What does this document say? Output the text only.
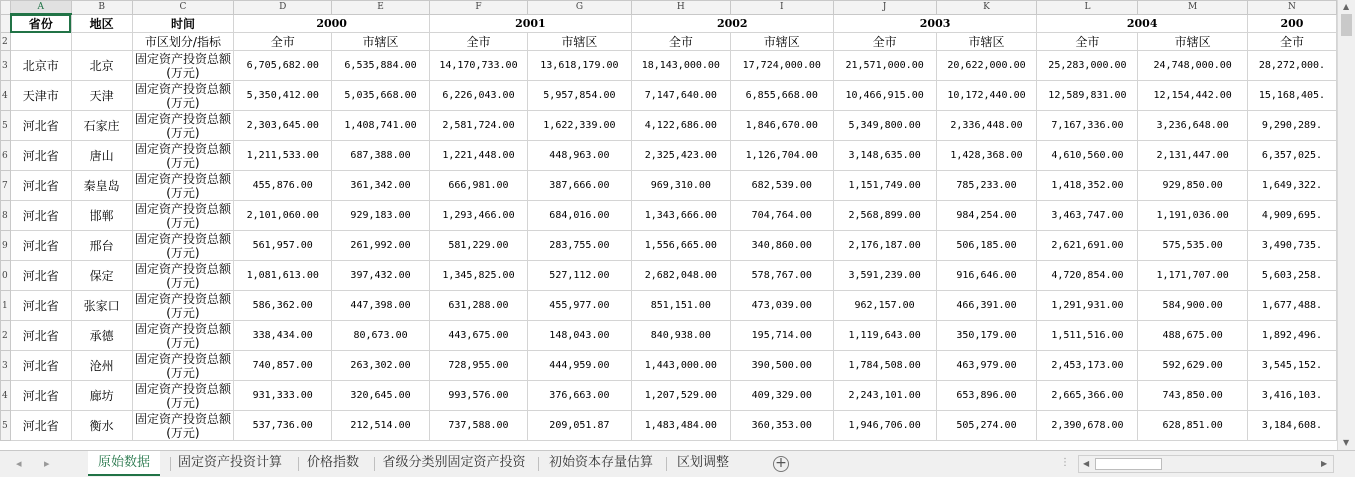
	A	B	C	D	E	F	G	H	I	J	K	L	M	N
	省份	地区	时间	2000		2001		2002		2003		2004		200
2			市区划分/指标	全市	市辖区	全市	市辖区	全市	市辖区	全市	市辖区	全市	市辖区	全市
3	北京市	北京	固定资产投资总额(万元)	6,705,682.00	6,535,884.00	14,170,733.00	13,618,179.00	18,143,000.00	17,724,000.00	21,571,000.00	20,622,000.00	25,283,000.00	24,748,000.00	28,272,000.
4	天津市	天津	固定资产投资总额(万元)	5,350,412.00	5,035,668.00	6,226,043.00	5,957,854.00	7,147,640.00	6,855,668.00	10,466,915.00	10,172,440.00	12,589,831.00	12,154,442.00	15,168,405.
5	河北省	石家庄	固定资产投资总额(万元)	2,303,645.00	1,408,741.00	2,581,724.00	1,622,339.00	4,122,686.00	1,846,670.00	5,349,800.00	2,336,448.00	7,167,336.00	3,236,648.00	9,290,289.
6	河北省	唐山	固定资产投资总额(万元)	1,211,533.00	687,388.00	1,221,448.00	448,963.00	2,325,423.00	1,126,704.00	3,148,635.00	1,428,368.00	4,610,560.00	2,131,447.00	6,357,025.
7	河北省	秦皇岛	固定资产投资总额(万元)	455,876.00	361,342.00	666,981.00	387,666.00	969,310.00	682,539.00	1,151,749.00	785,233.00	1,418,352.00	929,850.00	1,649,322.
8	河北省	邯郸	固定资产投资总额(万元)	2,101,060.00	929,183.00	1,293,466.00	684,016.00	1,343,666.00	704,764.00	2,568,899.00	984,254.00	3,463,747.00	1,191,036.00	4,909,695.
9	河北省	邢台	固定资产投资总额(万元)	561,957.00	261,992.00	581,229.00	283,755.00	1,556,665.00	340,860.00	2,176,187.00	506,185.00	2,621,691.00	575,535.00	3,490,735.
0	河北省	保定	固定资产投资总额(万元)	1,081,613.00	397,432.00	1,345,825.00	527,112.00	2,682,048.00	578,767.00	3,591,239.00	916,646.00	4,720,854.00	1,171,707.00	5,603,258.
1	河北省	张家口	固定资产投资总额(万元)	586,362.00	447,398.00	631,288.00	455,977.00	851,151.00	473,039.00	962,157.00	466,391.00	1,291,931.00	584,900.00	1,677,488.
2	河北省	承德	固定资产投资总额(万元)	338,434.00	80,673.00	443,675.00	148,043.00	840,938.00	195,714.00	1,119,643.00	350,179.00	1,511,516.00	488,675.00	1,892,496.
3	河北省	沧州	固定资产投资总额(万元)	740,857.00	263,302.00	728,955.00	444,959.00	1,443,000.00	390,500.00	1,784,508.00	463,979.00	2,453,173.00	592,629.00	3,545,152.
4	河北省	廊坊	固定资产投资总额(万元)	931,333.00	320,645.00	993,576.00	376,663.00	1,207,529.00	409,329.00	2,243,101.00	653,896.00	2,665,366.00	743,850.00	3,416,103.
5	河北省	衡水	固定资产投资总额(万元)	537,736.00	212,514.00	737,588.00	209,051.87	1,483,484.00	360,353.00	1,946,706.00	505,274.00	2,390,678.00	628,851.00	3,184,608.
▲
▼
◂ ▸	原始数据	固定资产投资计算	价格指数	省级分类别固定资产投资	初始资本存量估算	区划调整	+	⋮ ◀	▶
